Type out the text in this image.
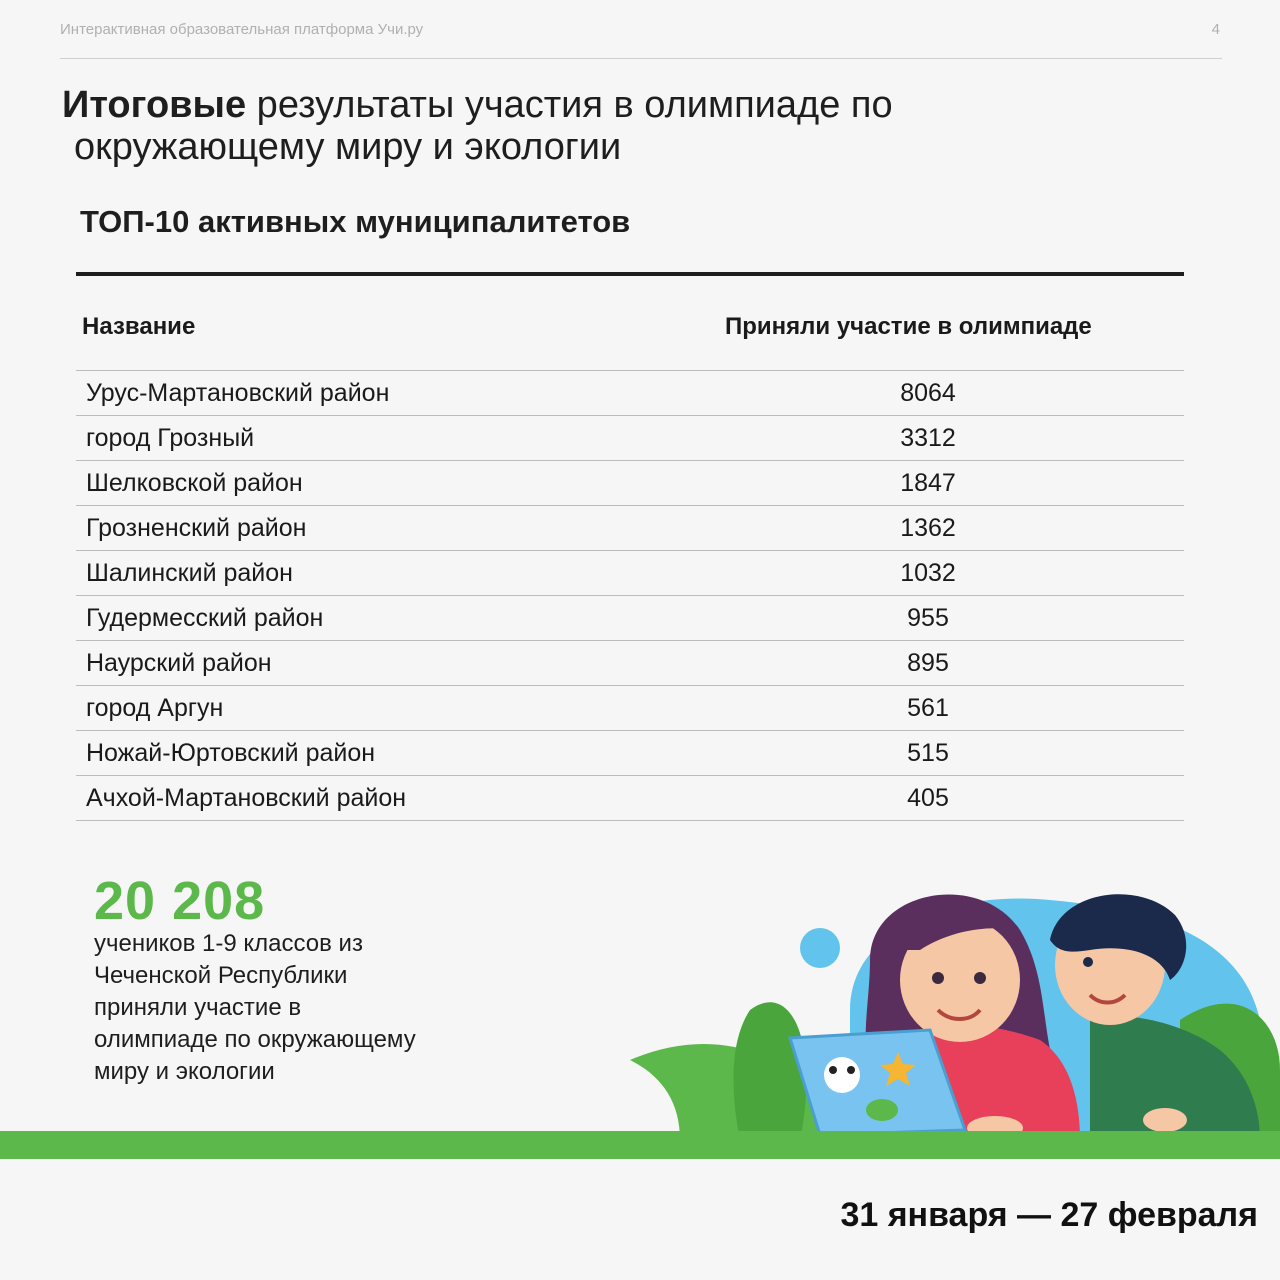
Интерактивная образовательная платформа Учи.ру	4
Итоговые результаты участия в олимпиаде по
окружающему миру и экологии
ТОП-10 активных муниципалитетов
Название	Приняли участие в олимпиаде
Урус-Мартановский район	8064
город Грозный	3312
Шелковской район	1847
Грозненский район	1362
Шалинский район	1032
Гудермесский район	955
Наурский район	895
город Аргун	561
Ножай-Юртовский район	515
Ачхой-Мартановский район	405
20 208
учеников 1-9 классов из Чеченской Республики приняли участие в олимпиаде по окружающему миру и экологии
31 января — 27 февраля
